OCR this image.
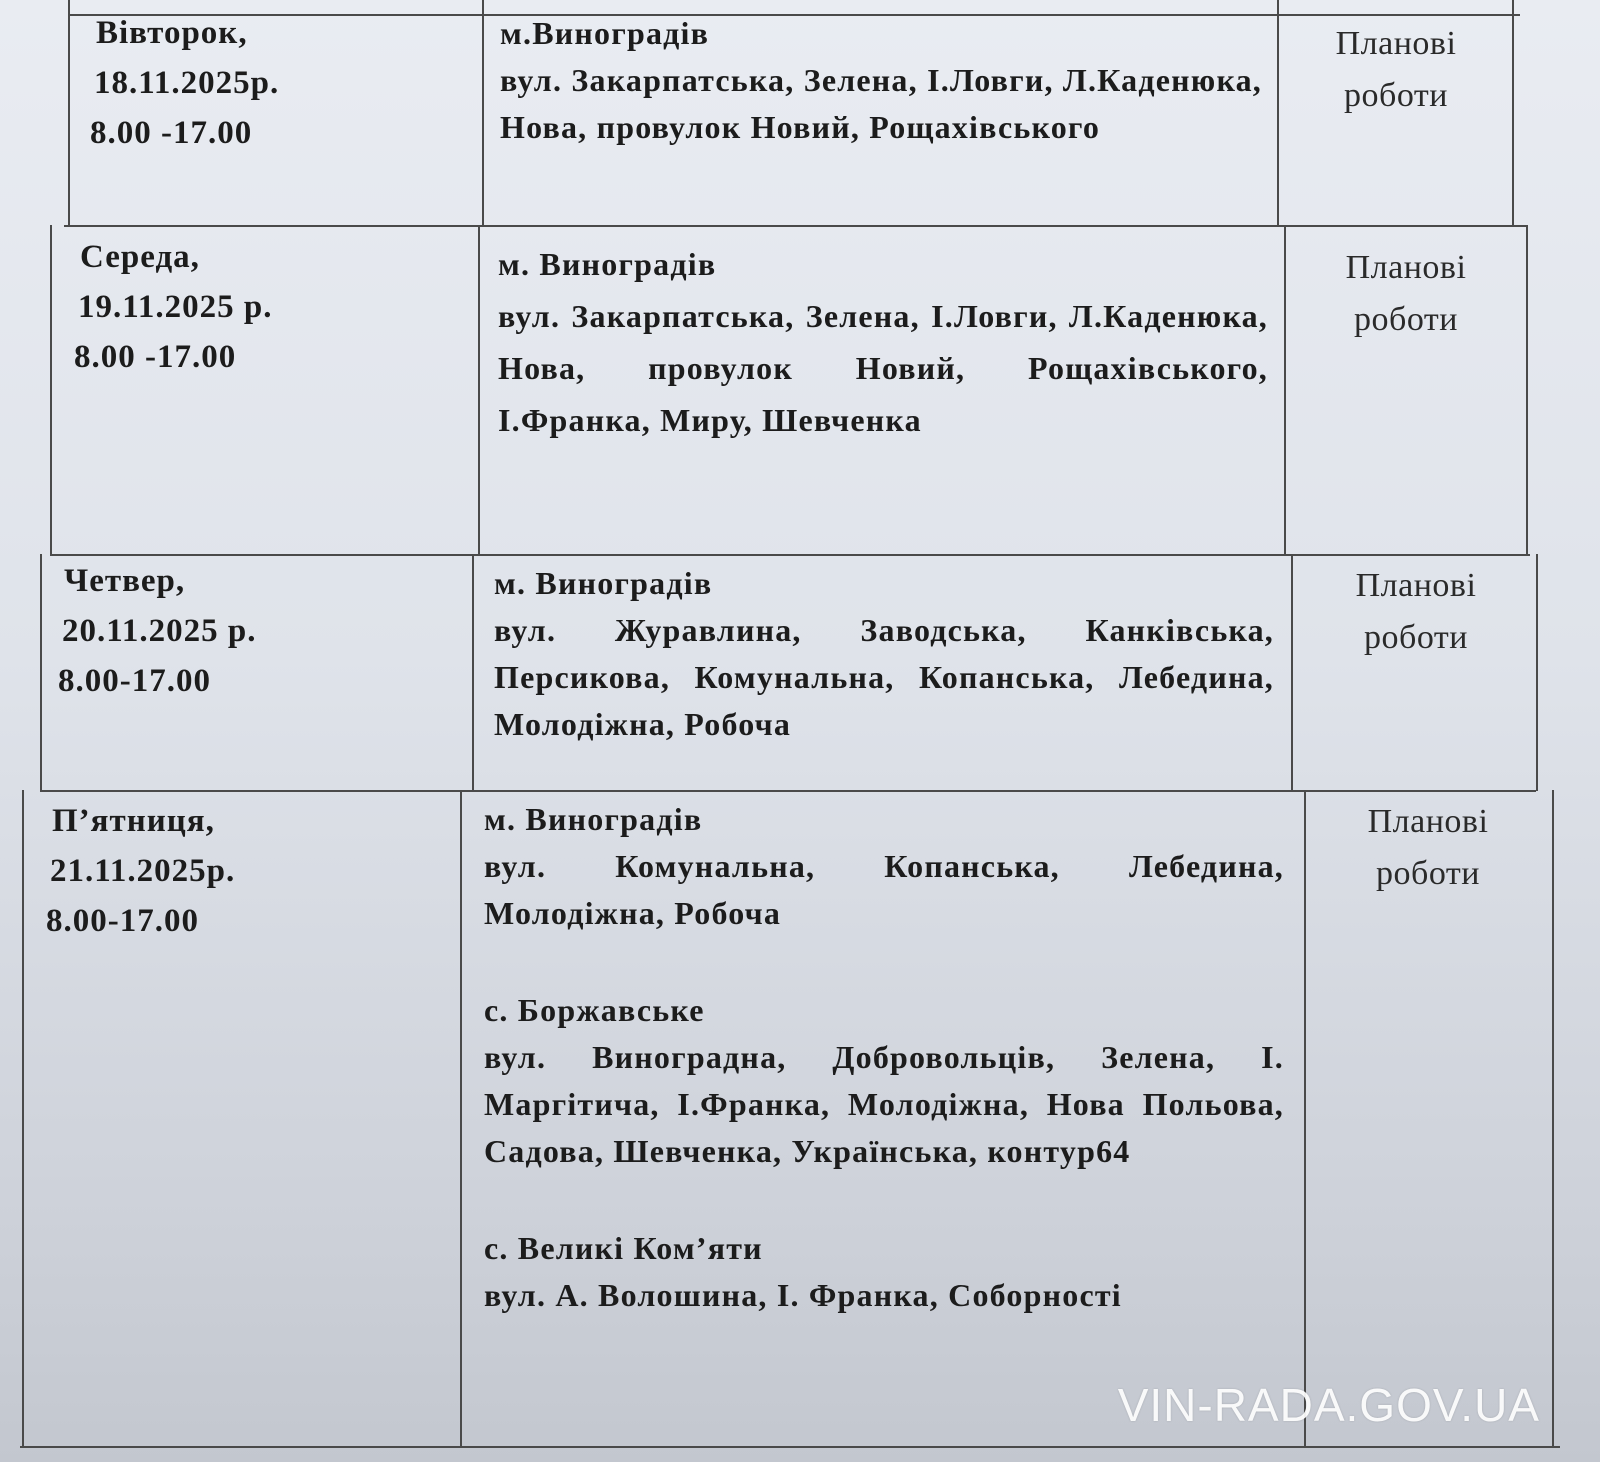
Вівторок,
18.11.2025р.
8.00 -17.00
м.Виноградів
вул. Закарпатська, Зелена, І.Ловги, Л.Каденюка, Нова, провулок Новий, Рощахівського
Планові
роботи
Середа,
19.11.2025 р.
8.00 -17.00
м. Виноградів
вул. Закарпатська, Зелена, І.Ловги, Л.Каденюка, Нова, провулок Новий, Рощахівського, І.Франка, Миру, Шевченка
Планові
роботи
Четвер,
20.11.2025 р.
8.00-17.00
м. Виноградів
вул. Журавлина, Заводська, Канківська, Персикова, Комунальна, Копанська, Лебедина, Молодіжна, Робоча
Планові
роботи
П’ятниця,
21.11.2025р.
8.00-17.00
м. Виноградів
вул. Комунальна, Копанська, Лебедина, Молодіжна, Робоча
с. Боржавське
вул. Виноградна, Добровольців, Зелена, І. Маргітича, І.Франка, Молодіжна, Нова Польова, Садова, Шевченка, Українська, контур64
с. Великі Ком’яти
вул. А. Волошина, І. Франка, Соборності
Планові
роботи
VIN-RADA.GOV.UA
